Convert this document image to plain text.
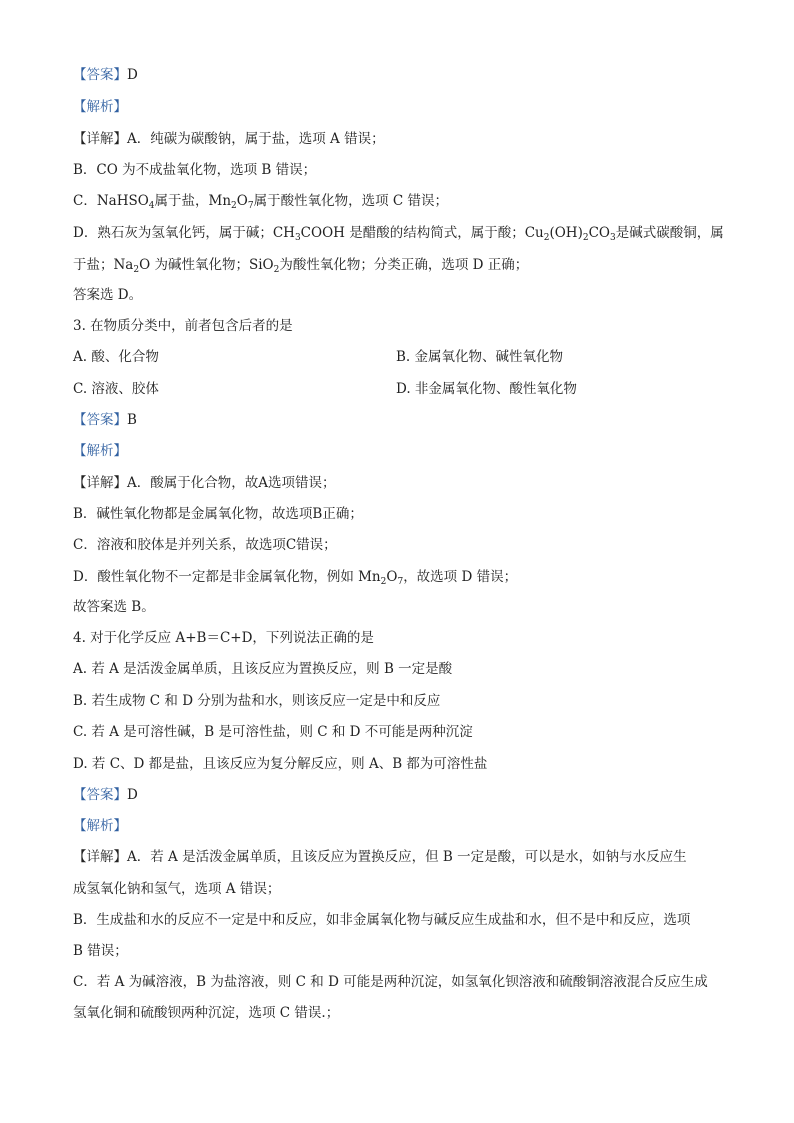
【答案】D
【解析】
【详解】A．纯碳为碳酸钠，属于盐，选项 A 错误；
B．CO 为不成盐氧化物，选项 B 错误；
C．NaHSO$_4$属于盐，$Mn_2O_7$属于酸性氧化物，选项 C 错误；
D．熟石灰为氢氧化钙，属于碱；$CH_3COOH$ 是醋酸的结构简式，属于酸；$Cu_2(OH)_2CO_3$是碱式碳酸铜，属
于盐；$Na_2O$ 为碱性氧化物；SiO$_2$为酸性氧化物；分类正确，选项 D 正确；
答案选 D。
3. 在物质分类中，前者包含后者的是
A. 酸、化合物	B. 金属氧化物、碱性氧化物
C. 溶液、胶体	D. 非金属氧化物、酸性氧化物
【答案】B
【解析】
【详解】A．酸属于化合物，故A选项错误；
B．碱性氧化物都是金属氧化物，故选项B正确；
C．溶液和胶体是并列关系，故选项C错误；
D．酸性氧化物不一定都是非金属氧化物，例如 $Mn_2O_7$，故选项 D 错误；
故答案选 B。
4. 对于化学反应 A+B＝C+D，下列说法正确的是
A. 若 A 是活泼金属单质，且该反应为置换反应，则 B 一定是酸
B. 若生成物 C 和 D 分别为盐和水，则该反应一定是中和反应
C. 若 A 是可溶性碱，B 是可溶性盐，则 C 和 D 不可能是两种沉淀
D. 若 C、D 都是盐，且该反应为复分解反应，则 A、B 都为可溶性盐
【答案】D
【解析】
【详解】A．若 A 是活泼金属单质，且该反应为置换反应，但 B 一定是酸，可以是水，如钠与水反应生
成氢氧化钠和氢气，选项 A 错误；
B．生成盐和水的反应不一定是中和反应，如非金属氧化物与碱反应生成盐和水，但不是中和反应，选项
B 错误；
C．若 A 为碱溶液，B 为盐溶液，则 C 和 D 可能是两种沉淀，如氢氧化钡溶液和硫酸铜溶液混合反应生成
氢氧化铜和硫酸钡两种沉淀，选项 C 错误.；
